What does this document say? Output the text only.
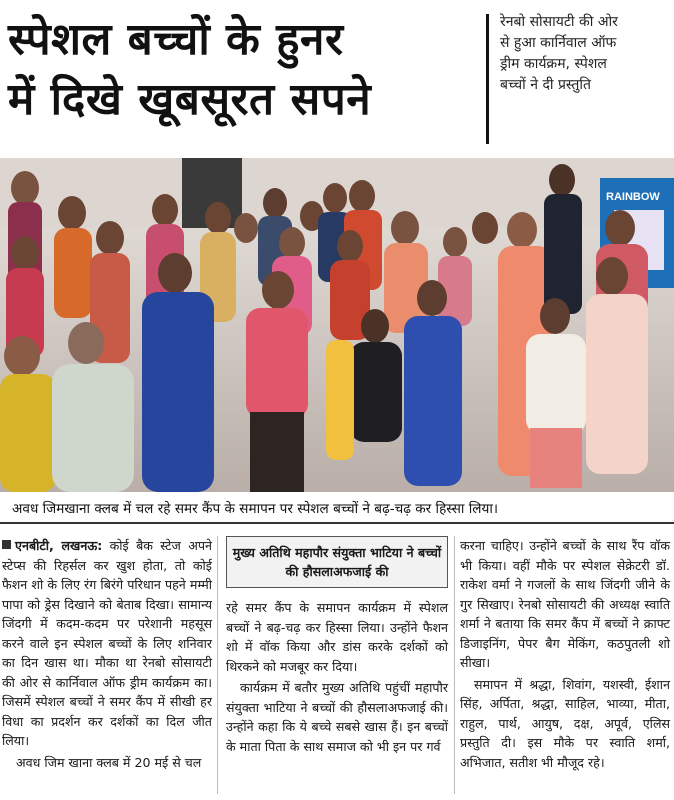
स्पेशल बच्चों के हुनर
में दिखे खूबसूरत सपने
रेनबो सोसायटी की ओर
से हुआ कार्निवाल ऑफ
ड्रीम कार्यक्रम, स्पेशल
बच्चों ने दी प्रस्तुति
RAINBOW
अवध जिमखाना क्लब में चल रहे समर कैंप के समापन पर स्पेशल बच्चों ने बढ़-चढ़ कर हिस्सा लिया।

एनबीटी, लखनऊ: कोई बैक स्टेज अपने स्टेप्स की रिहर्सल कर खुश होता, तो कोई फैशन शो के लिए रंग बिरंगे परिधान पहने मम्मी पापा को ड्रेस दिखाने को बेताब दिखा। सामान्य जिंदगी में कदम-कदम पर परेशानी महसूस करने वाले इन स्पेशल बच्चों के लिए शनिवार का दिन खास था। मौका था रेनबो सोसायटी की ओर से कार्निवाल ऑफ ड्रीम कार्यक्रम का। जिसमें स्पेशल बच्चों ने समर कैंप में सीखी हर विधा का प्रदर्शन कर दर्शकों का दिल जीत लिया।

अवध जिम खाना क्लब में 20 मई से चल

मुख्य अतिथि महापौर संयुक्ता भाटिया ने बच्चों की हौसलाअफजाई की

रहे समर कैंप के समापन कार्यक्रम में स्पेशल बच्चों ने बढ़-चढ़ कर हिस्सा लिया। उन्होंने फैशन शो में वॉक किया और डांस करके दर्शकों को थिरकने को मजबूर कर दिया।

कार्यक्रम में बतौर मुख्य अतिथि पहुंचीं महापौर संयुक्ता भाटिया ने बच्चों की हौसलाअफजाई की। उन्होंने कहा कि ये बच्चे सबसे खास हैं। इन बच्चों के माता पिता के साथ समाज को भी इन पर गर्व

करना चाहिए। उन्होंने बच्चों के साथ रैंप वॉक भी किया। वहीं मौके पर स्पेशल सेक्रेटरी डॉ. राकेश वर्मा ने गजलों के साथ जिंदगी जीने के गुर सिखाए। रेनबो सोसायटी की अध्यक्ष स्वाति शर्मा ने बताया कि समर कैंप में बच्चों ने क्राफ्ट डिजाइनिंग, पेपर बैग मेकिंग, कठपुतली शो सीखा।

समापन में श्रद्धा, शिवांग, यशस्वी, ईशान सिंह, अर्पिता, श्रद्धा, साहिल, भाव्या, मीता, राहुल, पार्थ, आयुष, दक्ष, अपूर्व, एलिस प्रस्तुति दी। इस मौके पर स्वाति शर्मा, अभिजात, सतीश भी मौजूद रहे।
